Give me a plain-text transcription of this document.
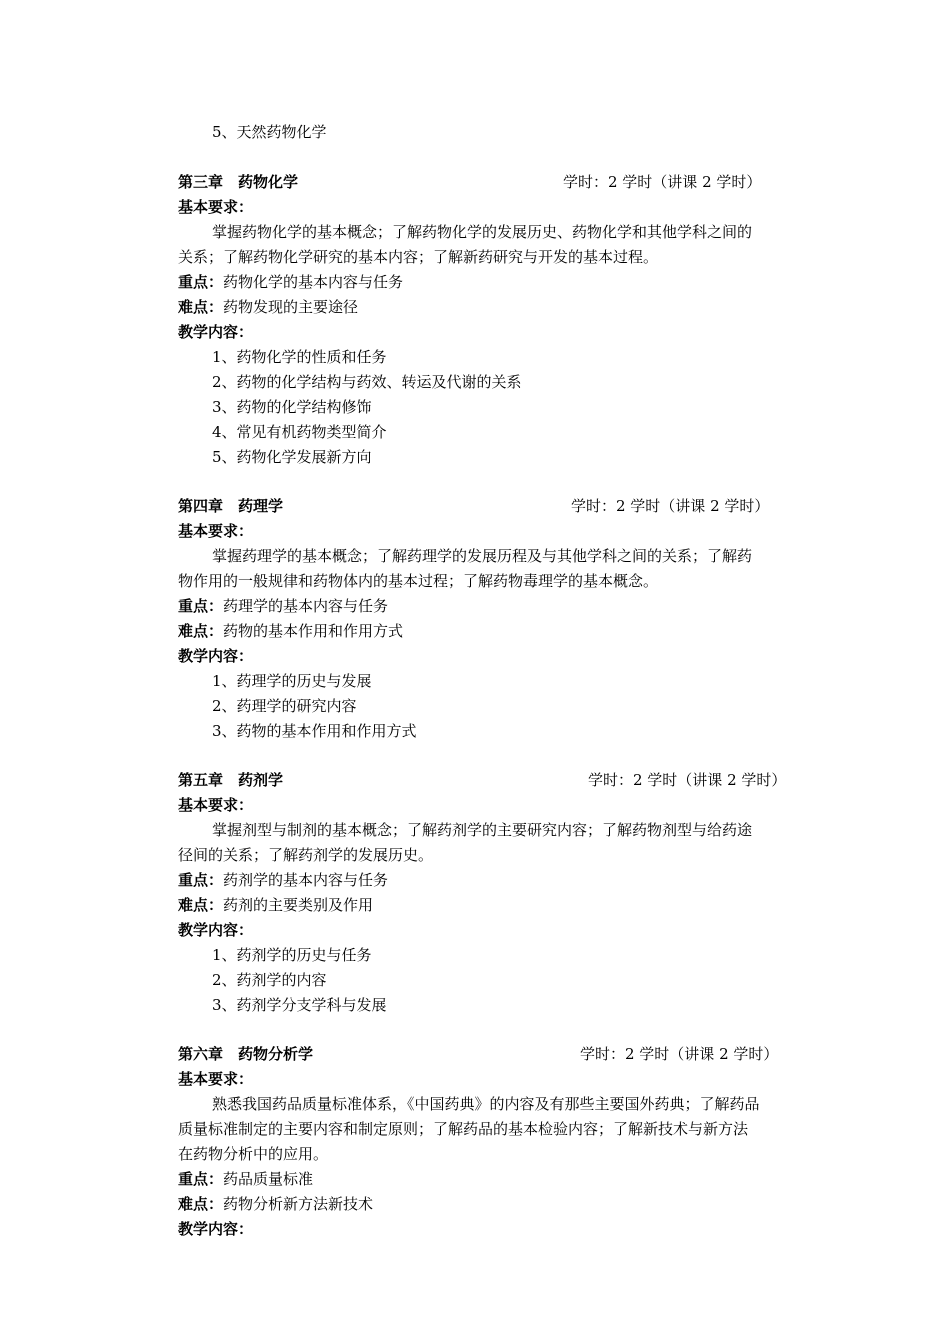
5、天然药物化学
第三章　药物化学	学时：2 学时（讲课 2 学时）
基本要求：
掌握药物化学的基本概念；了解药物化学的发展历史、药物化学和其他学科之间的
关系；了解药物化学研究的基本内容；了解新药研究与开发的基本过程。
重点：药物化学的基本内容与任务
难点：药物发现的主要途径
教学内容：
1、药物化学的性质和任务
2、药物的化学结构与药效、转运及代谢的关系
3、药物的化学结构修饰
4、常见有机药物类型简介
5、药物化学发展新方向
第四章　药理学	学时：2 学时（讲课 2 学时）
基本要求：
掌握药理学的基本概念；了解药理学的发展历程及与其他学科之间的关系；了解药
物作用的一般规律和药物体内的基本过程；了解药物毒理学的基本概念。
重点：药理学的基本内容与任务
难点：药物的基本作用和作用方式
教学内容：
1、药理学的历史与发展
2、药理学的研究内容
3、药物的基本作用和作用方式
第五章　药剂学	学时：2 学时（讲课 2 学时）
基本要求：
掌握剂型与制剂的基本概念；了解药剂学的主要研究内容；了解药物剂型与给药途
径间的关系；了解药剂学的发展历史。
重点：药剂学的基本内容与任务
难点：药剂的主要类别及作用
教学内容：
1、药剂学的历史与任务
2、药剂学的内容
3、药剂学分支学科与发展
第六章　药物分析学	学时：2 学时（讲课 2 学时）
基本要求：
熟悉我国药品质量标准体系，《中国药典》的内容及有那些主要国外药典；了解药品
质量标准制定的主要内容和制定原则；了解药品的基本检验内容；了解新技术与新方法
在药物分析中的应用。
重点：药品质量标准
难点：药物分析新方法新技术
教学内容：
